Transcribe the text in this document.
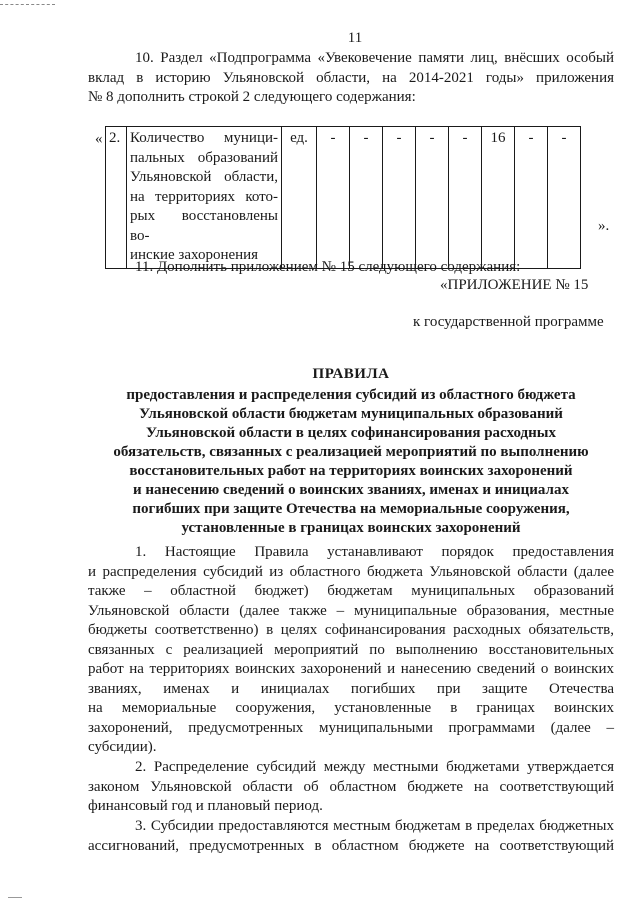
11
10. Раздел «Подпрограмма «Увековечение памяти лиц, внёсших особый
вклад в историю Ульяновской области, на 2014-2021 годы» приложения
№ 8 дополнить строкой 2 следующего содержания:
« 2.	Количество муници-
пальных образований
Ульяновской области,
на территориях кото-
рых восстановлены во-
инские захоронения
	ед.	-	-	-	-	-	16	-	-
».
11. Дополнить приложением № 15 следующего содержания:
«ПРИЛОЖЕНИЕ № 15
к государственной программе
ПРАВИЛА
предоставления и распределения субсидий из областного бюджета
Ульяновской области бюджетам муниципальных образований
Ульяновской области в целях софинансирования расходных
обязательств, связанных с реализацией мероприятий по выполнению
восстановительных работ на территориях воинских захоронений
и нанесению сведений о воинских званиях, именах и инициалах
погибших при защите Отечества на мемориальные сооружения,
установленные в границах воинских захоронений
1. Настоящие Правила устанавливают порядок предоставления
и распределения субсидий из областного бюджета Ульяновской области (далее
также – областной бюджет) бюджетам муниципальных образований
Ульяновской области (далее также – муниципальные образования, местные
бюджеты соответственно) в целях софинансирования расходных обязательств,
связанных с реализацией мероприятий по выполнению восстановительных
работ на территориях воинских захоронений и нанесению сведений о воинских
званиях, именах и инициалах погибших при защите Отечества
на мемориальные сооружения, установленные в границах воинских
захоронений, предусмотренных муниципальными программами (далее –
субсидии).
2. Распределение субсидий между местными бюджетами утверждается
законом Ульяновской области об областном бюджете на соответствующий
финансовый год и плановый период.
3. Субсидии предоставляются местным бюджетам в пределах бюджетных
ассигнований, предусмотренных в областном бюджете на соответствующий
